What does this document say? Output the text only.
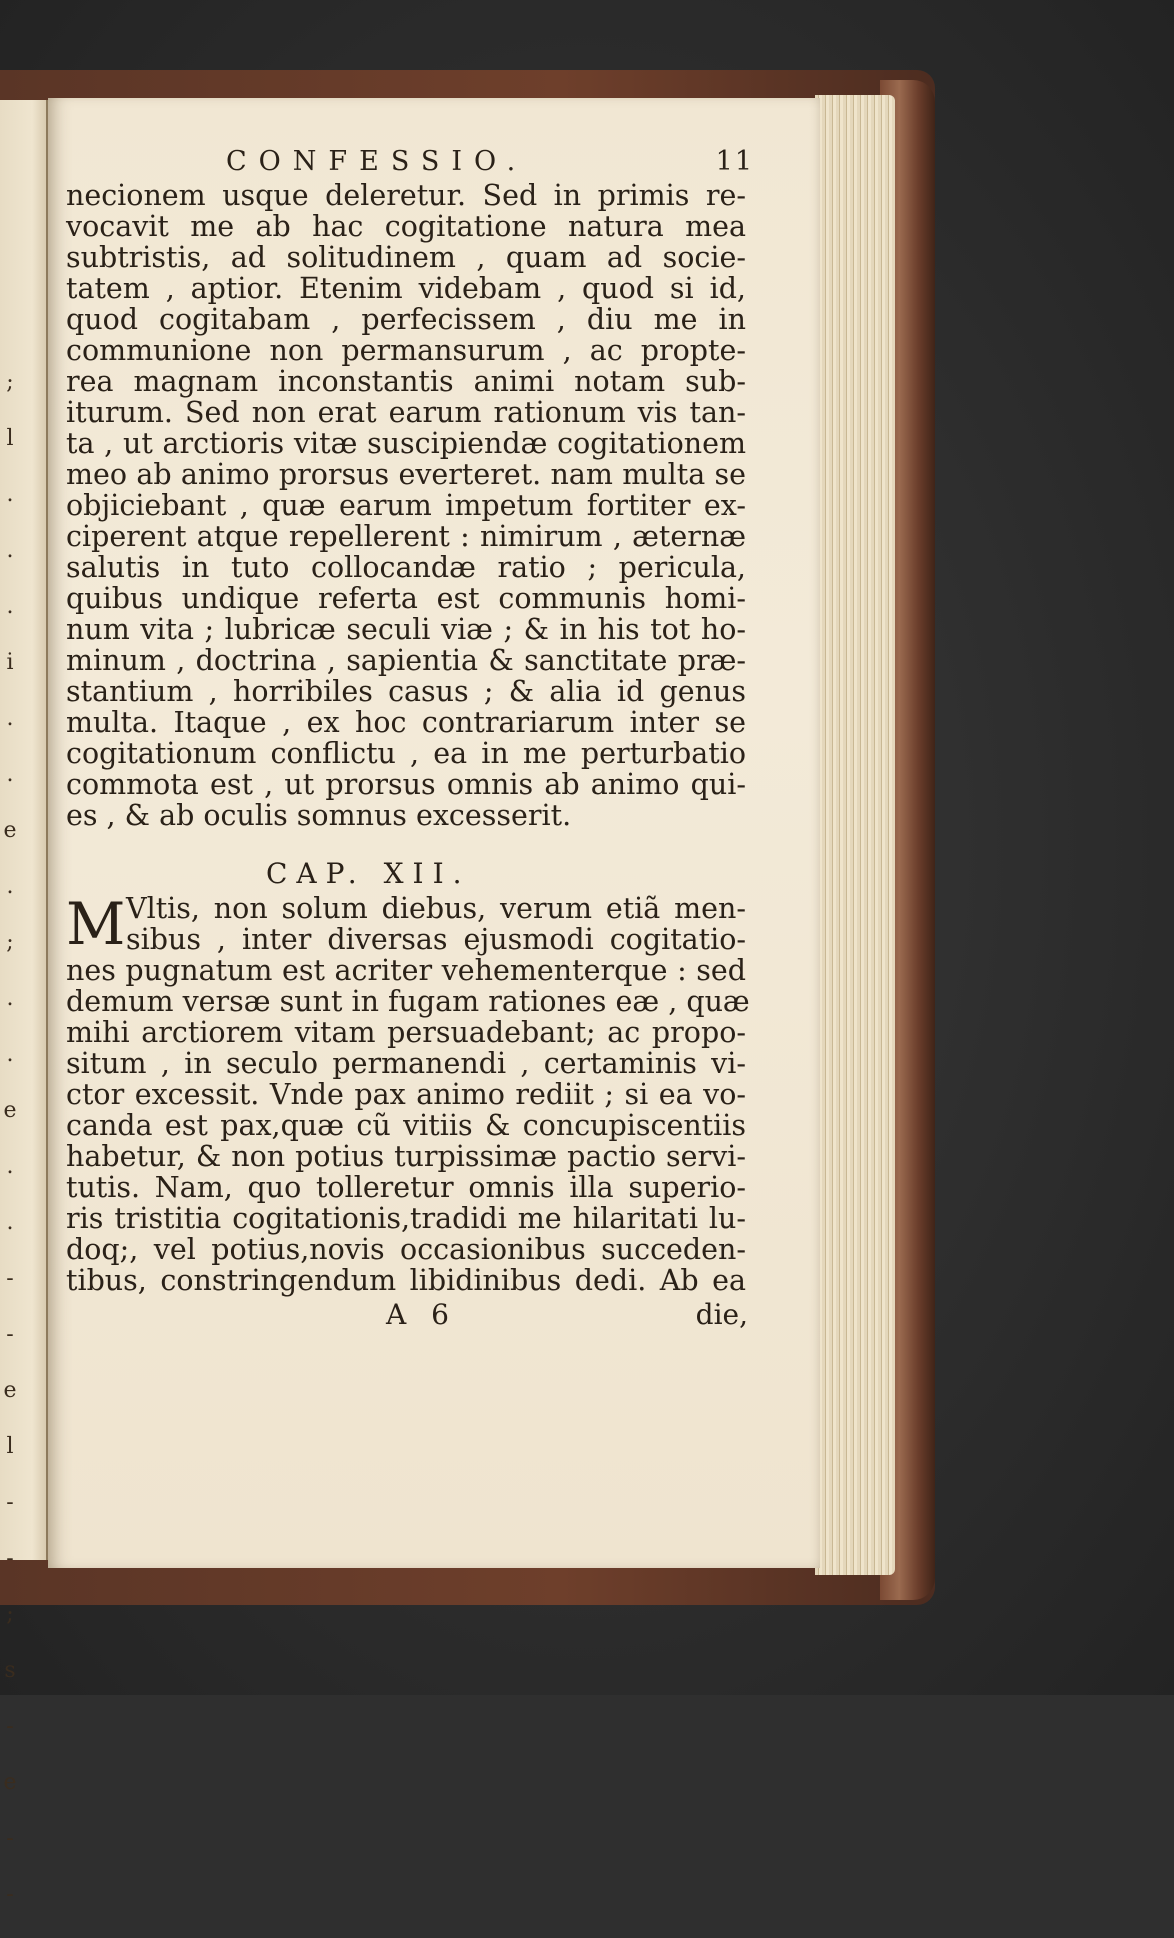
;
l
.
.
.
i
.
.
e
.
;
.
.
e
.
.
-
-
e
l
-
-
;
s
-
e
-
-
CONFESSIO.	11
necionem usque deleretur. Sed in primis re-
vocavit me ab hac cogitatione natura mea
subtristis, ad solitudinem , quam ad socie-
tatem , aptior. Etenim videbam , quod si id,
quod cogitabam , perfecissem , diu me in
communione non permansurum , ac propte-
rea magnam inconstantis animi notam sub-
iturum. Sed non erat earum rationum vis tan-
ta , ut arctioris vitæ suscipiendæ cogitationem
meo ab animo prorsus everteret. nam multa se
objiciebant , quæ earum impetum fortiter ex-
ciperent atque repellerent : nimirum , æternæ
salutis in tuto collocandæ ratio ; pericula,
quibus undique referta est communis homi-
num vita ; lubricæ seculi viæ ; & in his tot ho-
minum , doctrina , sapientia & sanctitate præ-
stantium , horribiles casus ; & alia id genus
multa. Itaque , ex hoc contrariarum inter se
cogitationum conflictu , ea in me perturbatio
commota est , ut prorsus omnis ab animo qui-
es , & ab oculis somnus excesserit.
CAP. XII.
M Vltis, non solum diebus, verum etiã men-
sibus , inter diversas ejusmodi cogitatio-
nes pugnatum est acriter vehementerque : sed
demum versæ sunt in fugam rationes eæ , quæ
mihi arctiorem vitam persuadebant; ac propo-
situm , in seculo permanendi , certaminis vi-
ctor excessit. Vnde pax animo rediit ; si ea vo-
canda est pax,quæ cũ vitiis & concupiscentiis
habetur, & non potius turpissimæ pactio servi-
tutis. Nam, quo tolleretur omnis illa superio-
ris tristitia cogitationis,tradidi me hilaritati lu-
doq;, vel potius,novis occasionibus succeden-
tibus, constringendum libidinibus dedi. Ab ea
A 6	die,
